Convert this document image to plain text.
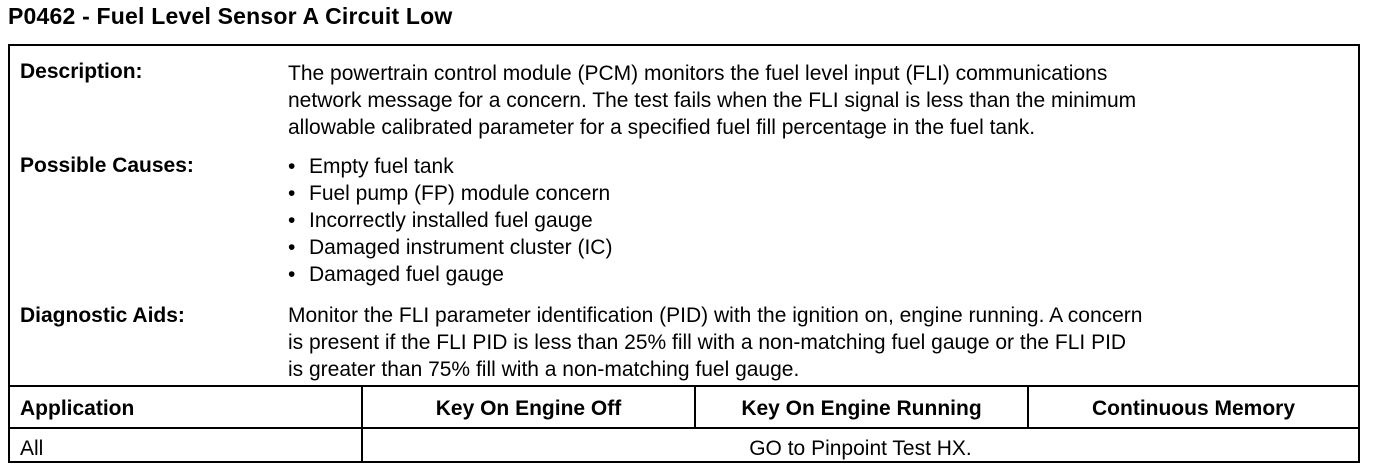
P0462 - Fuel Level Sensor A Circuit Low
Description:	The powertrain control module (PCM) monitors the fuel level input (FLI) communications
network message for a concern. The test fails when the FLI signal is less than the minimum
allowable calibrated parameter for a specified fuel fill percentage in the fuel tank.
Possible Causes:	• Empty fuel tank
• Fuel pump (FP) module concern
• Incorrectly installed fuel gauge
• Damaged instrument cluster (IC)
• Damaged fuel gauge
Diagnostic Aids:	Monitor the FLI parameter identification (PID) with the ignition on, engine running. A concern
is present if the FLI PID is less than 25% fill with a non-matching fuel gauge or the FLI PID
is greater than 75% fill with a non-matching fuel gauge.
Application	Key On Engine Off	Key On Engine Running	Continuous Memory
All	GO to Pinpoint Test HX.
